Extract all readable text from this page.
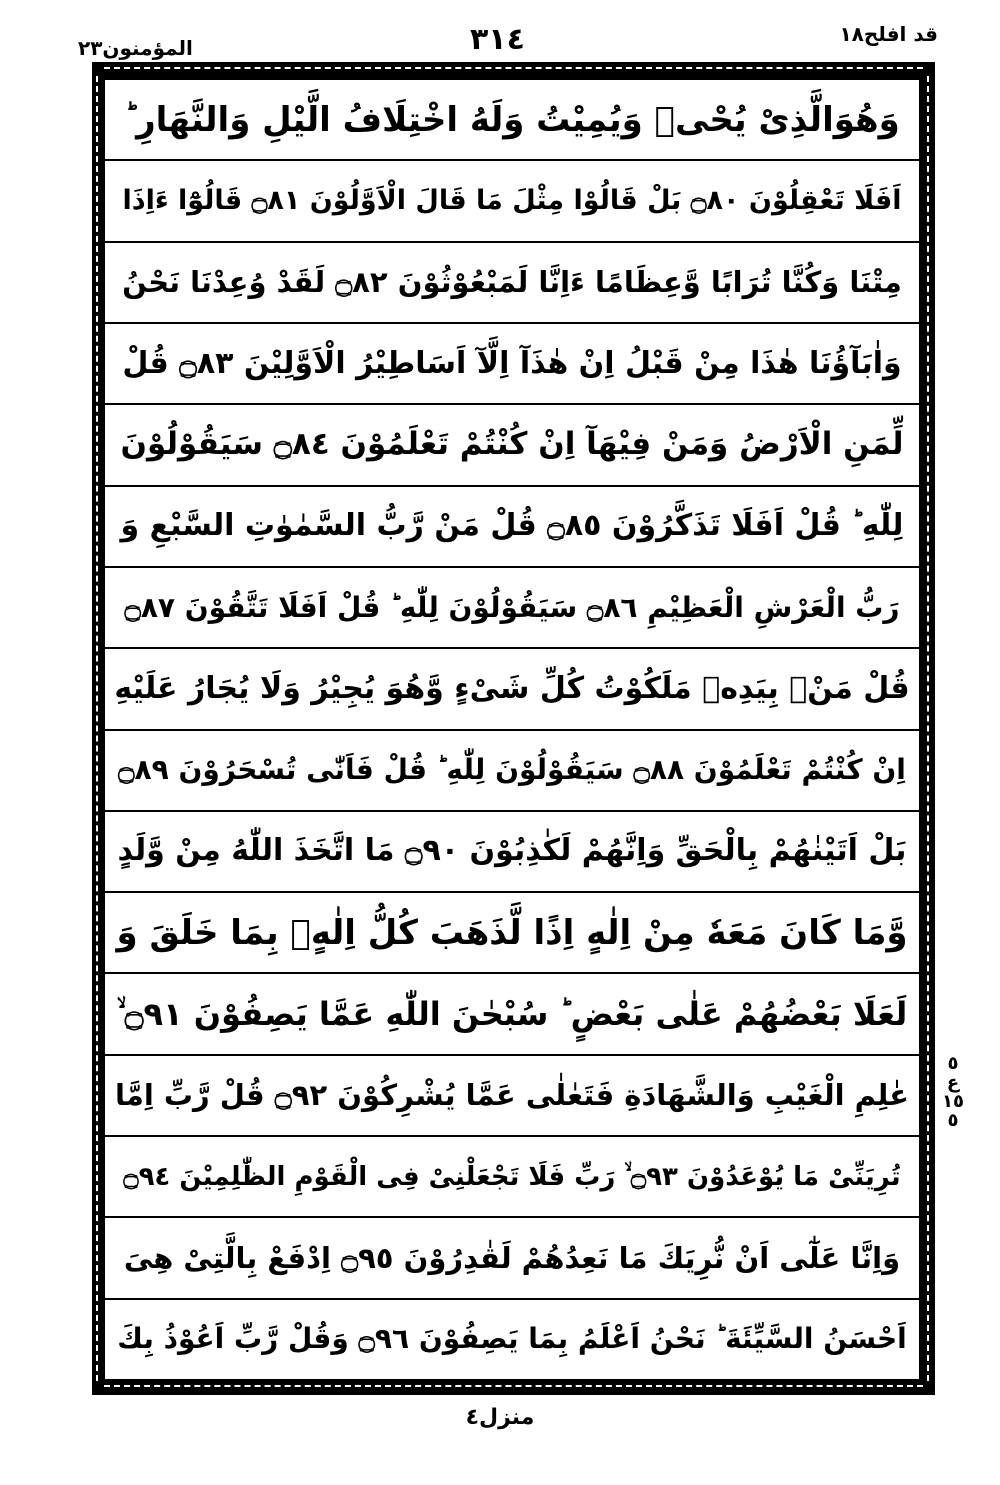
المؤمنون٢٣	٣١٤	قد افلح١٨
وَهُوَالَّذِیْ یُحْیٖ وَیُمِیْتُ وَلَهُ اخْتِلَافُ الَّیْلِ وَالنَّهَارِ ؕ
اَفَلَا تَعْقِلُوْنَ ۝٨٠ بَلْ قَالُوْا مِثْلَ مَا قَالَ الْاَوَّلُوْنَ ۝٨١ قَالُوْٓا ءَاِذَا
مِتْنَا وَكُنَّا تُرَابًا وَّعِظَامًا ءَاِنَّا لَمَبْعُوْثُوْنَ ۝٨٢ لَقَدْ وُعِدْنَا نَحْنُ
وَاٰبَآؤُنَا هٰذَا مِنْ قَبْلُ اِنْ هٰذَآ اِلَّآ اَسَاطِیْرُ الْاَوَّلِیْنَ ۝٨٣ قُلْ
لِّمَنِ الْاَرْضُ وَمَنْ فِیْهَآ اِنْ كُنْتُمْ تَعْلَمُوْنَ ۝٨٤ سَیَقُوْلُوْنَ
لِلّٰهِ ؕ قُلْ اَفَلَا تَذَكَّرُوْنَ ۝٨٥ قُلْ مَنْ رَّبُّ السَّمٰوٰتِ السَّبْعِ وَ
رَبُّ الْعَرْشِ الْعَظِیْمِ ۝٨٦ سَیَقُوْلُوْنَ لِلّٰهِ ؕ قُلْ اَفَلَا تَتَّقُوْنَ ۝٨٧
قُلْ مَنْۢ بِیَدِهٖ مَلَكُوْتُ كُلِّ شَیْءٍ وَّهُوَ یُجِیْرُ وَلَا یُجَارُ عَلَیْهِ
اِنْ كُنْتُمْ تَعْلَمُوْنَ ۝٨٨ سَیَقُوْلُوْنَ لِلّٰهِ ؕ قُلْ فَاَنّٰى تُسْحَرُوْنَ ۝٨٩
بَلْ اَتَیْنٰهُمْ بِالْحَقِّ وَاِنَّهُمْ لَكٰذِبُوْنَ ۝٩٠ مَا اتَّخَذَ اللّٰهُ مِنْ وَّلَدٍ
وَّمَا كَانَ مَعَهٗ مِنْ اِلٰهٍ اِذًا لَّذَهَبَ كُلُّ اِلٰهٍۭ بِمَا خَلَقَ وَ
لَعَلَا بَعْضُهُمْ عَلٰى بَعْضٍ ؕ سُبْحٰنَ اللّٰهِ عَمَّا یَصِفُوْنَ ۝٩١ ۙ
عٰلِمِ الْغَیْبِ وَالشَّهَادَةِ فَتَعٰلٰى عَمَّا یُشْرِكُوْنَ ۝٩٢ قُلْ رَّبِّ اِمَّا
تُرِیَنِّیْ مَا یُوْعَدُوْنَ ۝٩٣ ۙ رَبِّ فَلَا تَجْعَلْنِیْ فِی الْقَوْمِ الظّٰلِمِیْنَ ۝٩٤
وَاِنَّا عَلٰٓى اَنْ نُّرِیَكَ مَا نَعِدُهُمْ لَقٰدِرُوْنَ ۝٩٥ اِدْفَعْ بِالَّتِیْ هِیَ
اَحْسَنُ السَّیِّئَةَ ؕ نَحْنُ اَعْلَمُ بِمَا یَصِفُوْنَ ۝٩٦ وَقُلْ رَّبِّ اَعُوْذُ بِكَ
٥
ع
١٥
٥
منزل٤
